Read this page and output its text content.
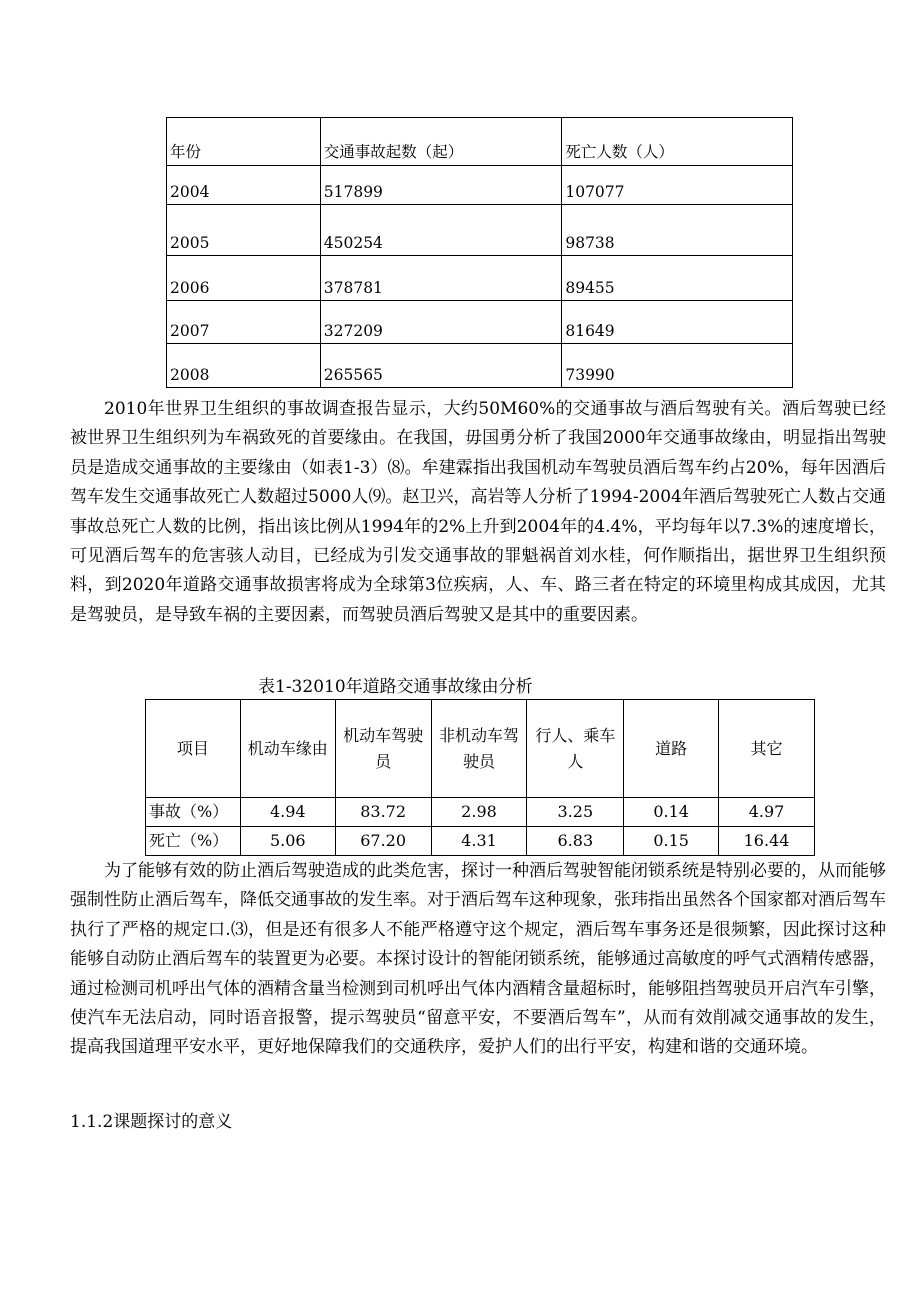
年份	交通事故起数（起）	死亡人数（人）
2004	517899	107077
2005	450254	98738
2006	378781	89455
2007	327209	81649
2008	265565	73990

2010年世界卫生组织的事故调查报告显示，大约50M60%的交通事故与酒后驾驶有关。酒后驾驶已经被世界卫生组织列为车祸致死的首要缘由。在我国，毋国勇分析了我国2000年交通事故缘由，明显指出驾驶员是造成交通事故的主要缘由（如表1-3）⑻。牟建霖指出我国机动车驾驶员酒后驾车约占20%，每年因酒后驾车发生交通事故死亡人数超过5000人⑼。赵卫兴，高岩等人分析了1994-2004年酒后驾驶死亡人数占交通事故总死亡人数的比例，指出该比例从1994年的2%上升到2004年的4.4%，平均每年以7.3%的速度增长，可见酒后驾车的危害骇人动目，已经成为引发交通事故的罪魁祸首刘水桂，何作顺指出，据世界卫生组织预料，到2020年道路交通事故损害将成为全球第3位疾病，人、车、路三者在特定的环境里构成其成因，尤其是驾驶员，是导致车祸的主要因素，而驾驶员酒后驾驶又是其中的重要因素。

表1-32010年道路交通事故缘由分析

项目	机动车缘由	机动车驾驶员	非机动车驾驶员	行人、乘车人	道路	其它
事故（%）	4.94	83.72	2.98	3.25	0.14	4.97
死亡（%）	5.06	67.20	4.31	6.83	0.15	16.44

为了能够有效的防止酒后驾驶造成的此类危害，探讨一种酒后驾驶智能闭锁系统是特别必要的，从而能够强制性防止酒后驾车，降低交通事故的发生率。对于酒后驾车这种现象，张玮指出虽然各个国家都对酒后驾车执行了严格的规定口.⑶，但是还有很多人不能严格遵守这个规定，酒后驾车事务还是很频繁，因此探讨这种能够自动防止酒后驾车的装置更为必要。本探讨设计的智能闭锁系统，能够通过高敏度的呼气式酒精传感器，通过检测司机呼出气体的酒精含量当检测到司机呼出气体内酒精含量超标时，能够阻挡驾驶员开启汽车引擎，使汽车无法启动，同时语音报警，提示驾驶员“留意平安，不要酒后驾车”，从而有效削减交通事故的发生，提高我国道理平安水平，更好地保障我们的交通秩序，爱护人们的出行平安，构建和谐的交通环境。

1.1.2课题探讨的意义
